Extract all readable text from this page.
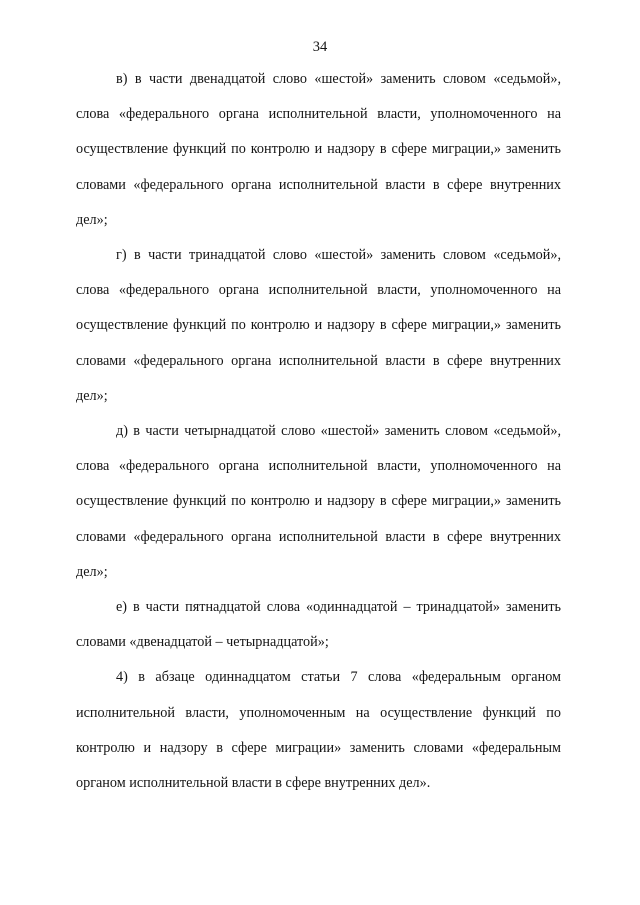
34

в) в части двенадцатой слово «шестой» заменить словом «седьмой», слова «федерального органа исполнительной власти, уполномоченного на осуществление функций по контролю и надзору в сфере миграции,» заменить словами «федерального органа исполнительной власти в сфере внутренних дел»;

г) в части тринадцатой слово «шестой» заменить словом «седьмой», слова «федерального органа исполнительной власти, уполномоченного на осуществление функций по контролю и надзору в сфере миграции,» заменить словами «федерального органа исполнительной власти в сфере внутренних дел»;

д) в части четырнадцатой слово «шестой» заменить словом «седьмой», слова «федерального органа исполнительной власти, уполномоченного на осуществление функций по контролю и надзору в сфере миграции,» заменить словами «федерального органа исполнительной власти в сфере внутренних дел»;

е) в части пятнадцатой слова «одиннадцатой – тринадцатой» заменить словами «двенадцатой – четырнадцатой»;

4) в абзаце одиннадцатом статьи 7 слова «федеральным органом исполнительной власти, уполномоченным на осуществление функций по контролю и надзору в сфере миграции» заменить словами «федеральным органом исполнительной власти в сфере внутренних дел».
